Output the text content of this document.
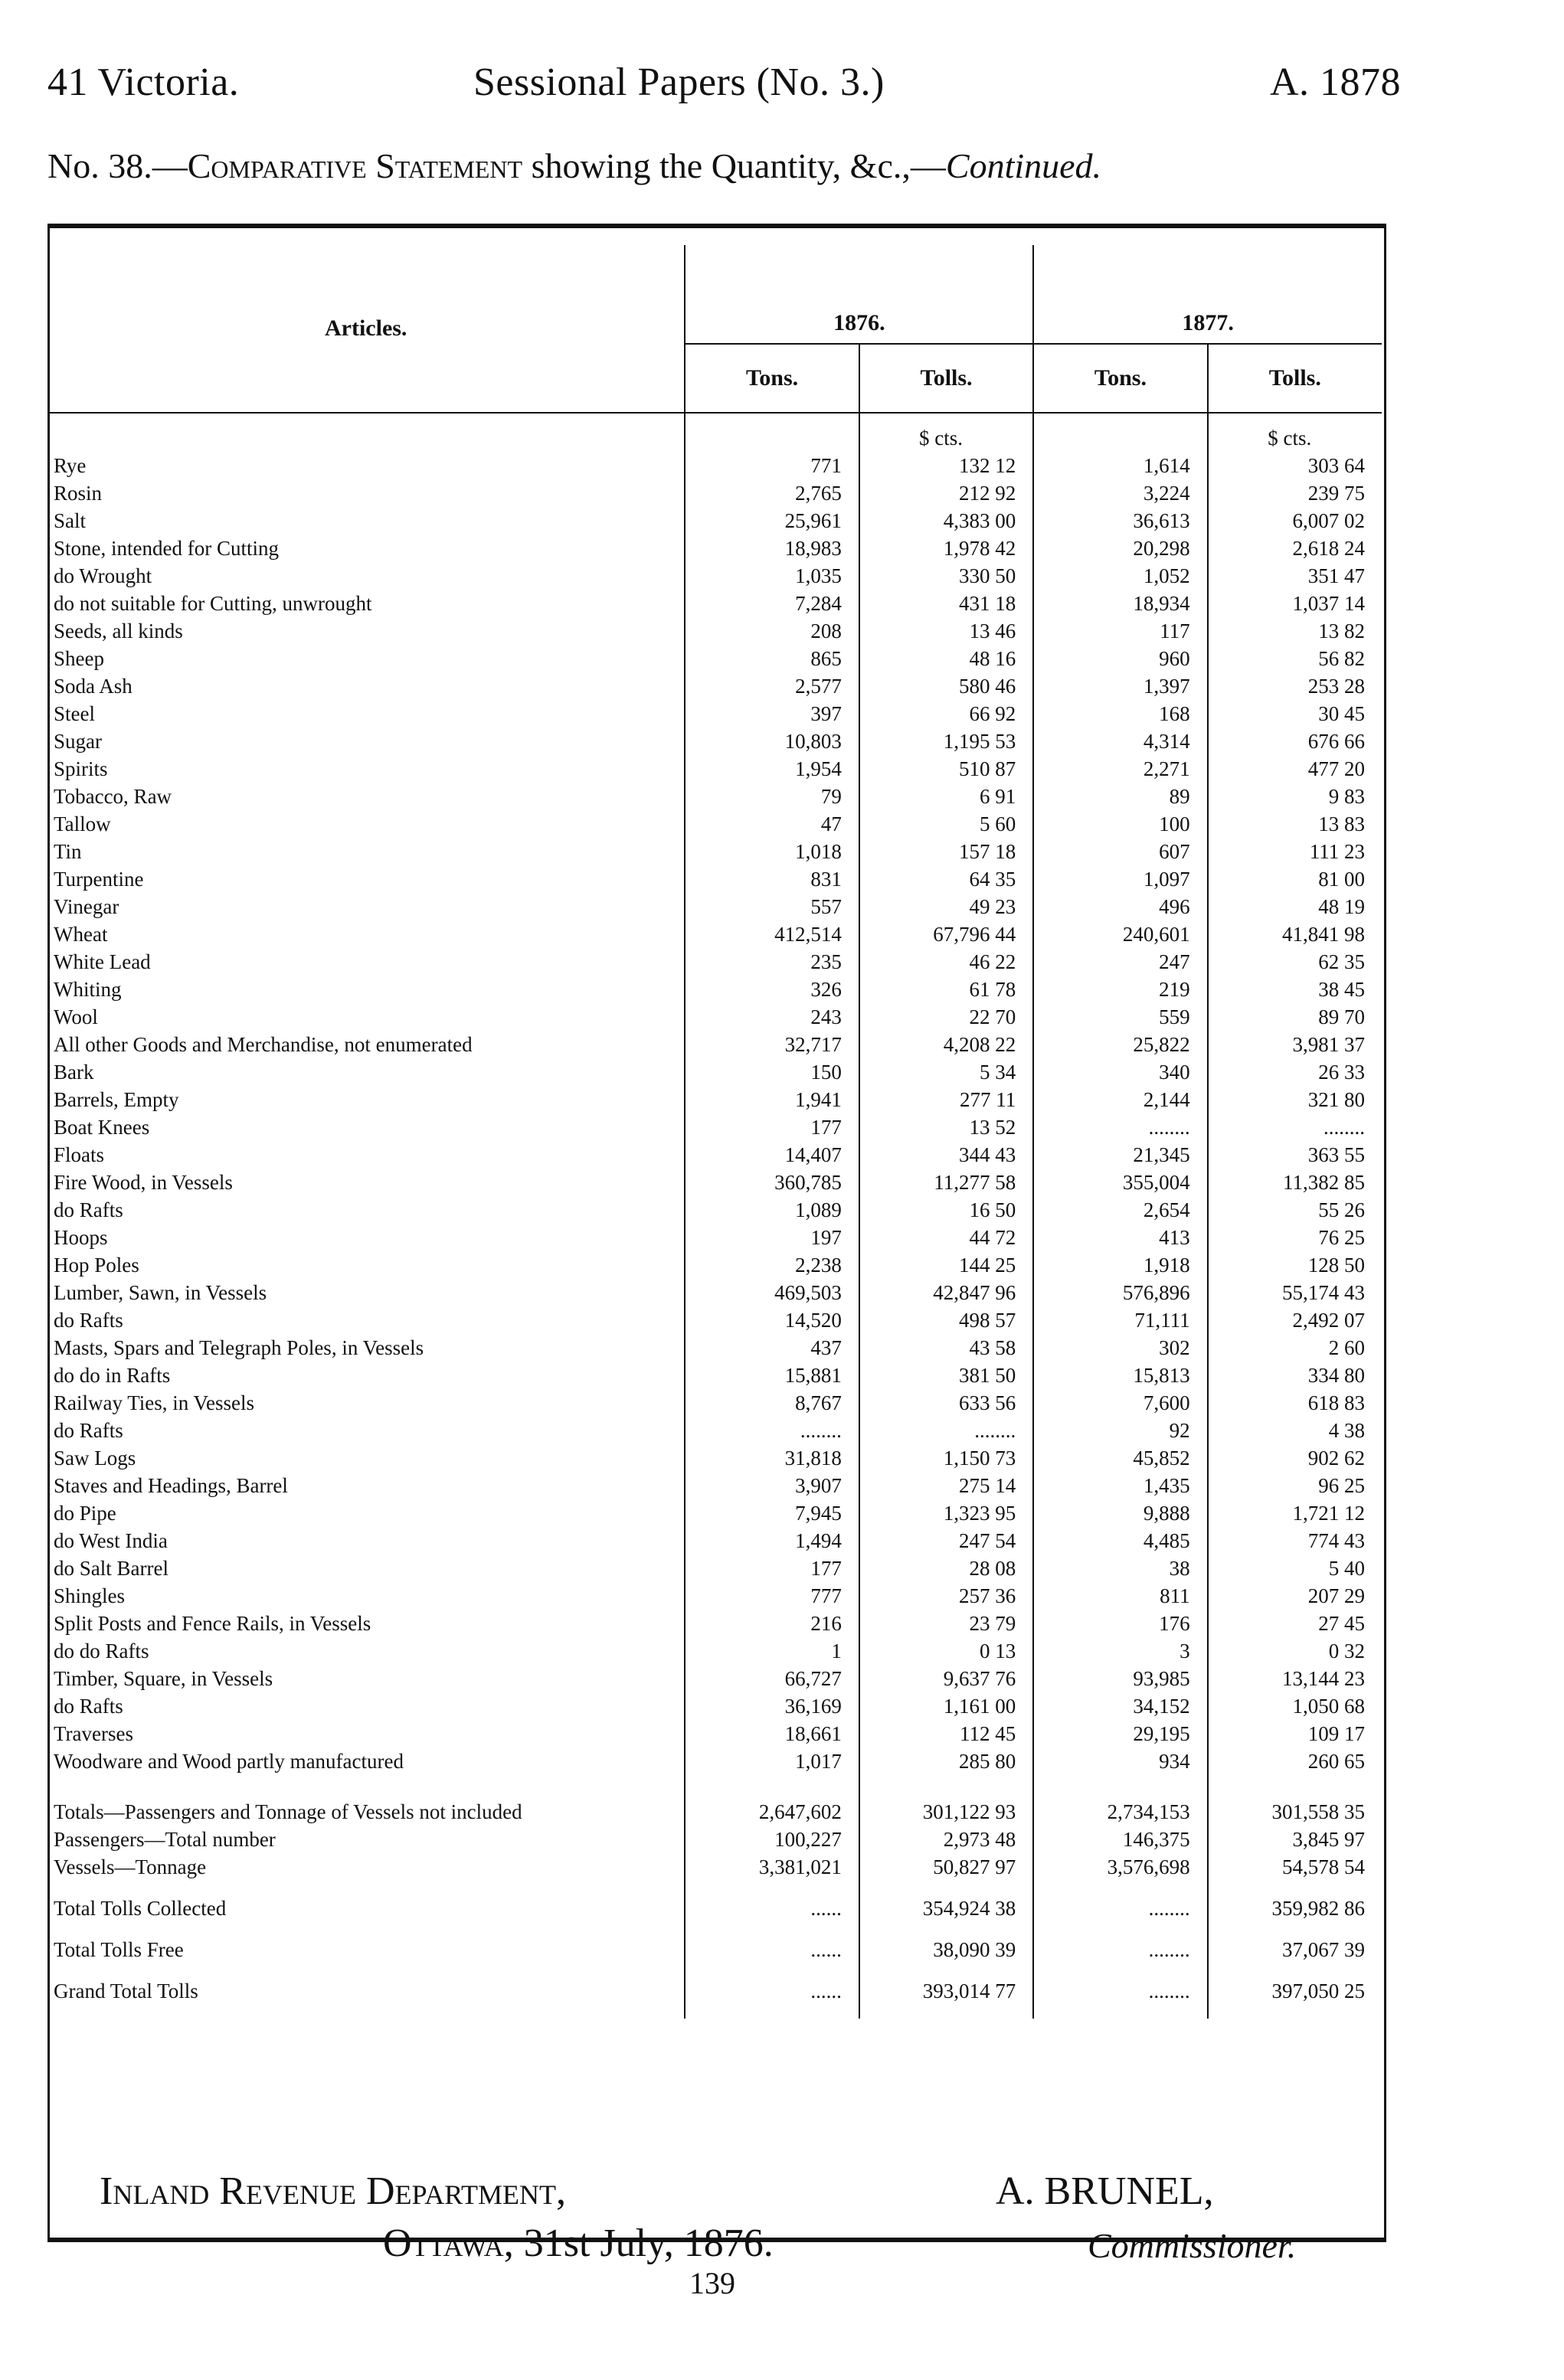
41 Victoria.	Sessional Papers (No. 3.)	A. 1878
No. 38.—Comparative Statement showing the Quantity, &c.,—Continued.
Articles.	1876.		1877.	
	Tons.	Tolls.	Tons.	Tolls.
		$ cts.		$ cts.
Rye	771	132 12	1,614	303 64
Rosin	2,765	212 92	3,224	239 75
Salt	25,961	4,383 00	36,613	6,007 02
Stone, intended for Cutting	18,983	1,978 42	20,298	2,618 24
do Wrought	1,035	330 50	1,052	351 47
do not suitable for Cutting, unwrought	7,284	431 18	18,934	1,037 14
Seeds, all kinds	208	13 46	117	13 82
Sheep	865	48 16	960	56 82
Soda Ash	2,577	580 46	1,397	253 28
Steel	397	66 92	168	30 45
Sugar	10,803	1,195 53	4,314	676 66
Spirits	1,954	510 87	2,271	477 20
Tobacco, Raw	79	6 91	89	9 83
Tallow	47	5 60	100	13 83
Tin	1,018	157 18	607	111 23
Turpentine	831	64 35	1,097	81 00
Vinegar	557	49 23	496	48 19
Wheat	412,514	67,796 44	240,601	41,841 98
White Lead	235	46 22	247	62 35
Whiting	326	61 78	219	38 45
Wool	243	22 70	559	89 70
All other Goods and Merchandise, not enumerated	32,717	4,208 22	25,822	3,981 37
Bark	150	5 34	340	26 33
Barrels, Empty	1,941	277 11	2,144	321 80
Boat Knees	177	13 52	........	........
Floats	14,407	344 43	21,345	363 55
Fire Wood, in Vessels	360,785	11,277 58	355,004	11,382 85
do Rafts	1,089	16 50	2,654	55 26
Hoops	197	44 72	413	76 25
Hop Poles	2,238	144 25	1,918	128 50
Lumber, Sawn, in Vessels	469,503	42,847 96	576,896	55,174 43
do Rafts	14,520	498 57	71,111	2,492 07
Masts, Spars and Telegraph Poles, in Vessels	437	43 58	302	2 60
do do in Rafts	15,881	381 50	15,813	334 80
Railway Ties, in Vessels	8,767	633 56	7,600	618 83
do Rafts	........	........	92	4 38
Saw Logs	31,818	1,150 73	45,852	902 62
Staves and Headings, Barrel	3,907	275 14	1,435	96 25
do Pipe	7,945	1,323 95	9,888	1,721 12
do West India	1,494	247 54	4,485	774 43
do Salt Barrel	177	28 08	38	5 40
Shingles	777	257 36	811	207 29
Split Posts and Fence Rails, in Vessels	216	23 79	176	27 45
do do Rafts	1	0 13	3	0 32
Timber, Square, in Vessels	66,727	9,637 76	93,985	13,144 23
do Rafts	36,169	1,161 00	34,152	1,050 68
Traverses	18,661	112 45	29,195	109 17
Woodware and Wood partly manufactured	1,017	285 80	934	260 65

Totals—Passengers and Tonnage of Vessels not included	2,647,602	301,122 93	2,734,153	301,558 35
Passengers—Total number	100,227	2,973 48	146,375	3,845 97
Vessels—Tonnage	3,381,021	50,827 97	3,576,698	54,578 54
Total Tolls Collected	......	354,924 38	........	359,982 86
Total Tolls Free	......	38,090 39	........	37,067 39
Grand Total Tolls	......	393,014 77	........	397,050 25
Inland Revenue Department,	A. BRUNEL,
Ottawa, 31st July, 1876.	Commissioner.
139
